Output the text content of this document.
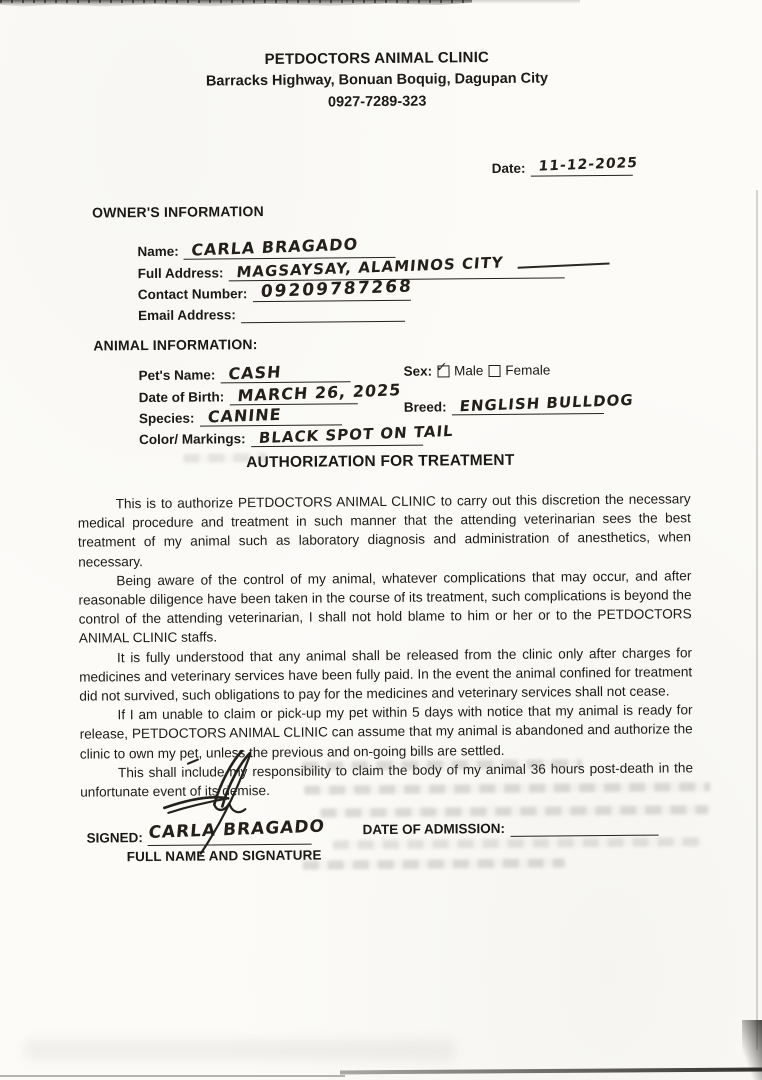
PETDOCTORS ANIMAL CLINIC
Barracks Highway, Bonuan Boquig, Dagupan City
0927-7289-323
Date: 11-12-2025
OWNER'S INFORMATION
Name: CARLA BRAGADO
Full Address: MAGSAYSAY, ALAMINOS CITY
Contact Number: 09209787268
Email Address:
ANIMAL INFORMATION:
Pet's Name: CASH	Sex: ✓ Male Female
Date of Birth: MARCH 26, 2025
Species: CANINE	Breed: ENGLISH BULLDOG
Color/ Markings: BLACK SPOT ON TAIL
AUTHORIZATION FOR TREATMENT

This is to authorize PETDOCTORS ANIMAL CLINIC to carry out this discretion the necessary medical procedure and treatment in such manner that the attending veterinarian sees the best treatment of my animal such as laboratory diagnosis and administration of anesthetics, when necessary.

Being aware of the control of my animal, whatever complications that may occur, and after reasonable diligence have been taken in the course of its treatment, such complications is beyond the control of the attending veterinarian, I shall not hold blame to him or her or to the PETDOCTORS ANIMAL CLINIC staffs.

It is fully understood that any animal shall be released from the clinic only after charges for medicines and veterinary services have been fully paid. In the event the animal confined for treatment did not survived, such obligations to pay for the medicines and veterinary services shall not cease.

If I am unable to claim or pick-up my pet within 5 days with notice that my animal is ready for release, PETDOCTORS ANIMAL CLINIC can assume that my animal is abandoned and authorize the clinic to own my pet, unless the previous and on-going bills are settled.

This shall include my responsibility to claim the body of my animal 36 hours post-death in the unfortunate event of its demise.

SIGNED: CARLA BRAGADO
FULL NAME AND SIGNATURE
DATE OF ADMISSION:
